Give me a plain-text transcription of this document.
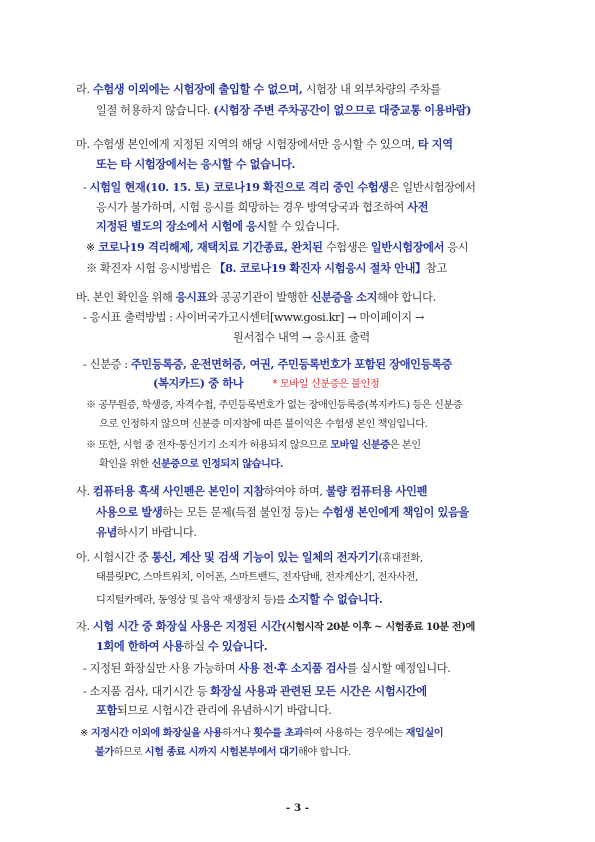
라. 수험생 이외에는 시험장에 출입할 수 없으며, 시험장 내 외부차량의 주차를
일절 허용하지 않습니다. (시험장 주변 주차공간이 없으므로 대중교통 이용바람)
마. 수험생 본인에게 지정된 지역의 해당 시험장에서만 응시할 수 있으며, 타 지역
또는 타 시험장에서는 응시할 수 없습니다.
- 시험일 현재(10. 15. 토) 코로나19 확진으로 격리 중인 수험생은 일반시험장에서
응시가 불가하며, 시험 응시를 희망하는 경우 방역당국과 협조하여 사전
지정된 별도의 장소에서 시험에 응시할 수 있습니다.
※ 코로나19 격리해제, 재택치료 기간종료, 완치된 수험생은 일반시험장에서 응시
※ 확진자 시험 응시방법은 【8. 코로나19 확진자 시험응시 절차 안내】참고
바. 본인 확인을 위해 응시표와 공공기관이 발행한 신분증을 소지해야 합니다.
- 응시표 출력방법 : 사이버국가고시센터[www.gosi.kr] → 마이페이지 →
원서접수 내역 → 응시표 출력
- 신분증 : 주민등록증, 운전면허증, 여권, 주민등록번호가 포함된 장애인등록증
(복지카드) 중 하나	* 모바일 신분증은 불인정
※ 공무원증, 학생증, 자격수첩, 주민등록번호가 없는 장애인등록증(복지카드) 등은 신분증
으로 인정하지 않으며 신분증 미지참에 따른 불이익은 수험생 본인 책임입니다.
※ 또한, 시험 중 전자·통신기기 소지가 허용되지 않으므로 모바일 신분증은 본인
확인을 위한 신분증으로 인정되지 않습니다.
사. 컴퓨터용 흑색 사인펜은 본인이 지참하여야 하며, 불량 컴퓨터용 사인펜
사용으로 발생하는 모든 문제(득점 불인정 등)는 수험생 본인에게 책임이 있음을
유념하시기 바랍니다.
아. 시험시간 중 통신, 계산 및 검색 기능이 있는 일체의 전자기기(휴대전화,
태블릿PC, 스마트워치, 이어폰, 스마트밴드, 전자담배, 전자계산기, 전자사전,
디지털카메라, 동영상 및 음악 재생장치 등)를 소지할 수 없습니다.
자. 시험 시간 중 화장실 사용은 지정된 시간(시험시작 20분 이후 ~ 시험종료 10분 전)에
1회에 한하여 사용하실 수 있습니다.
- 지정된 화장실만 사용 가능하며 사용 전·후 소지품 검사를 실시할 예정입니다.
- 소지품 검사, 대기시간 등 화장실 사용과 관련된 모든 시간은 시험시간에
포함되므로 시험시간 관리에 유념하시기 바랍니다.
※ 지정시간 이외에 화장실을 사용하거나 횟수를 초과하여 사용하는 경우에는 재입실이
불가하므로 시험 종료 시까지 시험본부에서 대기해야 합니다.
- 3 -
